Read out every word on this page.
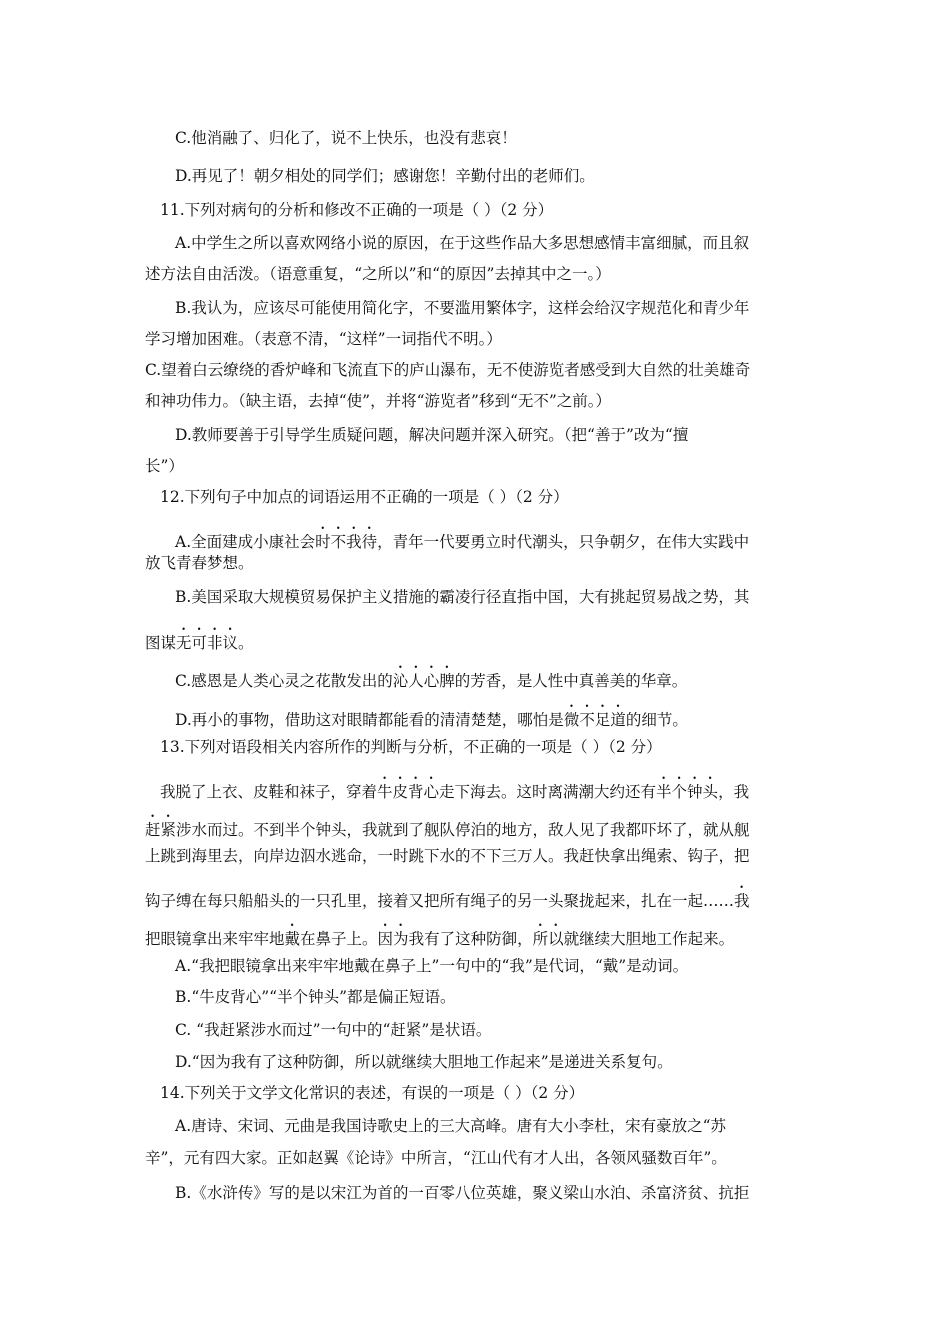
C.他消融了、归化了，说不上快乐，也没有悲哀！
D.再见了！朝夕相处的同学们；感谢您！辛勤付出的老师们。
11.下列对病句的分析和修改不正确的一项是（ ）（2 分）
A.中学生之所以喜欢网络小说的原因，在于这些作品大多思想感情丰富细腻，而且叙
述方法自由活泼。（语意重复，“之所以”和“的原因”去掉其中之一。）
B.我认为，应该尽可能使用简化字，不要滥用繁体字，这样会给汉字规范化和青少年
学习增加困难。（表意不清，“这样”一词指代不明。）
C.望着白云缭绕的香炉峰和飞流直下的庐山瀑布，无不使游览者感受到大自然的壮美雄奇
和神功伟力。（缺主语，去掉“使”，并将“游览者”移到“无不”之前。）
D.教师要善于引导学生质疑问题，解决问题并深入研究。（把“善于”改为“擅
长”）
12.下列句子中加点的词语运用不正确的一项是（ ）（2 分）
A.全面建成小康社会时不我待，青年一代要勇立时代潮头，只争朝夕，在伟大实践中
放飞青春梦想。
B.美国采取大规模贸易保护主义措施的霸凌行径直指中国，大有挑起贸易战之势，其
图谋无可非议。
C.感恩是人类心灵之花散发出的沁人心脾的芳香，是人性中真善美的华章。
D.再小的事物，借助这对眼睛都能看的清清楚楚，哪怕是微不足道的细节。
13.下列对语段相关内容所作的判断与分析，不正确的一项是（ ）（2 分）
我脱了上衣、皮鞋和袜子，穿着牛皮背心走下海去。这时离满潮大约还有半个钟头，我
赶紧涉水而过。不到半个钟头，我就到了舰队停泊的地方，敌人见了我都吓坏了，就从舰
上跳到海里去，向岸边泅水逃命，一时跳下水的不下三万人。我赶快拿出绳索、钩子，把
钩子缚在每只船船头的一只孔里，接着又把所有绳子的另一头聚拢起来，扎在一起……我
把眼镜拿出来牢牢地戴在鼻子上。因为我有了这种防御，所以就继续大胆地工作起来。
A.“我把眼镜拿出来牢牢地戴在鼻子上”一句中的“我”是代词，“戴”是动词。
B.“牛皮背心”“半个钟头”都是偏正短语。
C. “我赶紧涉水而过”一句中的“赶紧”是状语。
D.“因为我有了这种防御，所以就继续大胆地工作起来”是递进关系复句。
14.下列关于文学文化常识的表述，有误的一项是（ ）（2 分）
A.唐诗、宋词、元曲是我国诗歌史上的三大高峰。唐有大小李杜，宋有豪放之“苏
辛”，元有四大家。正如赵翼《论诗》中所言，“江山代有才人出，各领风骚数百年”。
B.《水浒传》写的是以宋江为首的一百零八位英雄，聚义梁山水泊、杀富济贫、抗拒
